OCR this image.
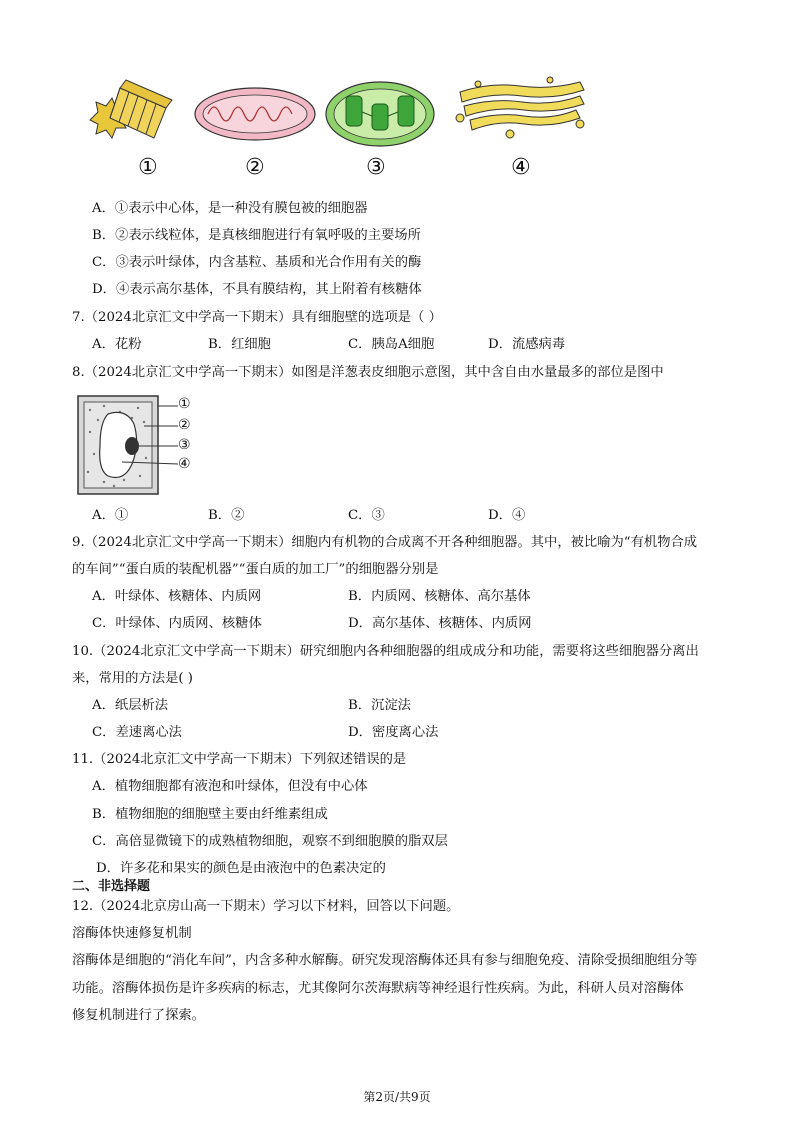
①	②	③	④
A．①表示中心体，是一种没有膜包被的细胞器
B．②表示线粒体，是真核细胞进行有氧呼吸的主要场所
C．③表示叶绿体，内含基粒、基质和光合作用有关的酶
D．④表示高尔基体，不具有膜结构，其上附着有核糖体
7.（2024北京汇文中学高一下期末）具有细胞壁的选项是（ ）
A．花粉	B．红细胞	C．胰岛A细胞	D．流感病毒
8.（2024北京汇文中学高一下期末）如图是洋葱表皮细胞示意图，其中含自由水量最多的部位是图中
①
②
③
④
A．①	B．②	C．③	D．④
9.（2024北京汇文中学高一下期末）细胞内有机物的合成离不开各种细胞器。其中，被比喻为“有机物合成
的车间”“蛋白质的装配机器”“蛋白质的加工厂”的细胞器分别是
A．叶绿体、核糖体、内质网	B．内质网、核糖体、高尔基体
C．叶绿体、内质网、核糖体	D．高尔基体、核糖体、内质网
10.（2024北京汇文中学高一下期末）研究细胞内各种细胞器的组成成分和功能，需要将这些细胞器分离出
来，常用的方法是( )
A．纸层析法	B．沉淀法
C．差速离心法	D．密度离心法
11.（2024北京汇文中学高一下期末）下列叙述错误的是
A．植物细胞都有液泡和叶绿体，但没有中心体
B．植物细胞的细胞壁主要由纤维素组成
C．高倍显微镜下的成熟植物细胞，观察不到细胞膜的脂双层
D．许多花和果实的颜色是由液泡中的色素决定的
二、非选择题
12.（2024北京房山高一下期末）学习以下材料，回答以下问题。
溶酶体快速修复机制
溶酶体是细胞的“消化车间”，内含多种水解酶。研究发现溶酶体还具有参与细胞免疫、清除受损细胞组分等
功能。溶酶体损伤是许多疾病的标志，尤其像阿尔茨海默病等神经退行性疾病。为此，科研人员对溶酶体
修复机制进行了探索。
第2页/共9页
